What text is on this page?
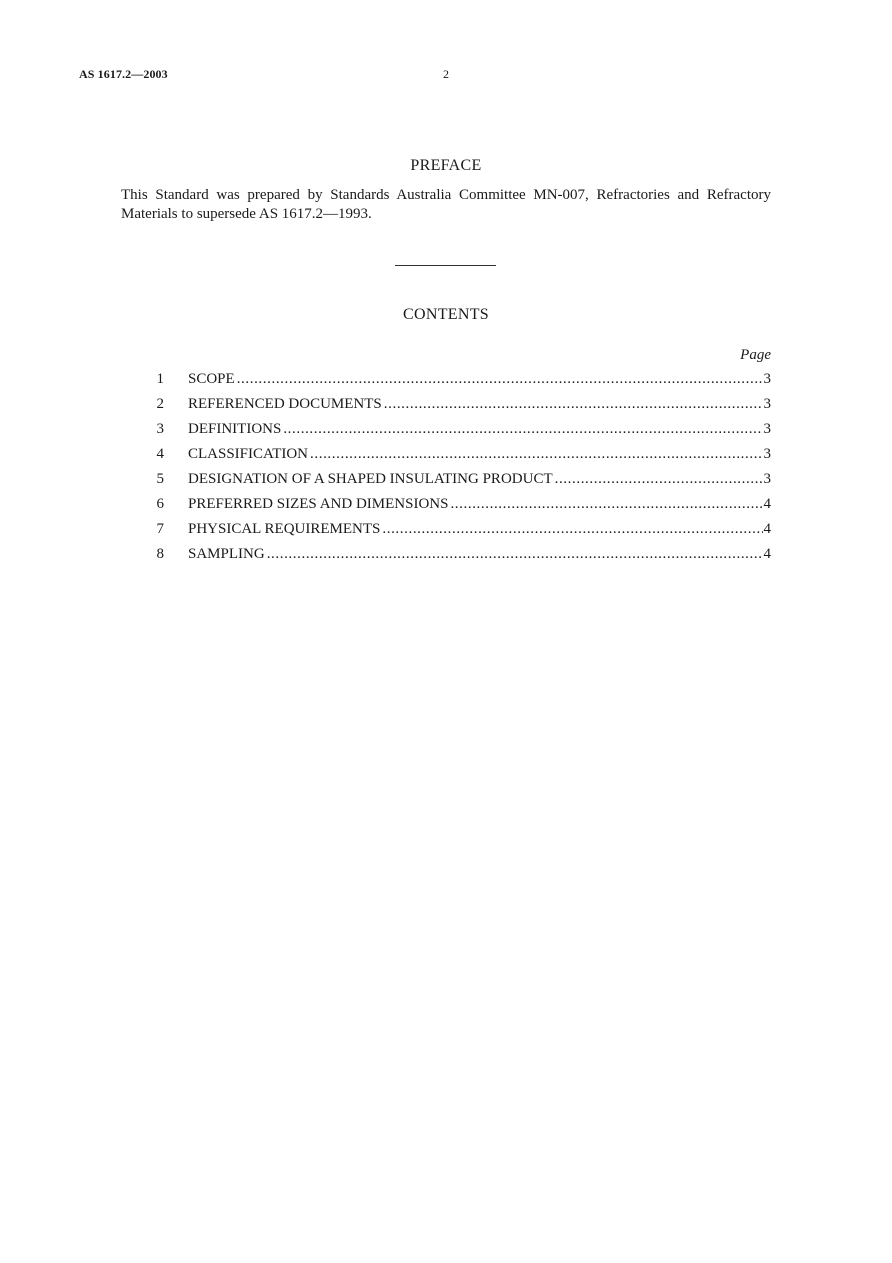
AS 1617.2—2003	2
PREFACE

This Standard was prepared by Standards Australia Committee MN-007, Refractories and Refractory Materials to supersede AS 1617.2—1993.

CONTENTS
Page
1 SCOPE .....	3
2 REFERENCED DOCUMENTS .....	3
3 DEFINITIONS .....	3
4 CLASSIFICATION .....	3
5 DESIGNATION OF A SHAPED INSULATING PRODUCT .....	3
6 PREFERRED SIZES AND DIMENSIONS .....	4
7 PHYSICAL REQUIREMENTS .....	4
8 SAMPLING .....	4
